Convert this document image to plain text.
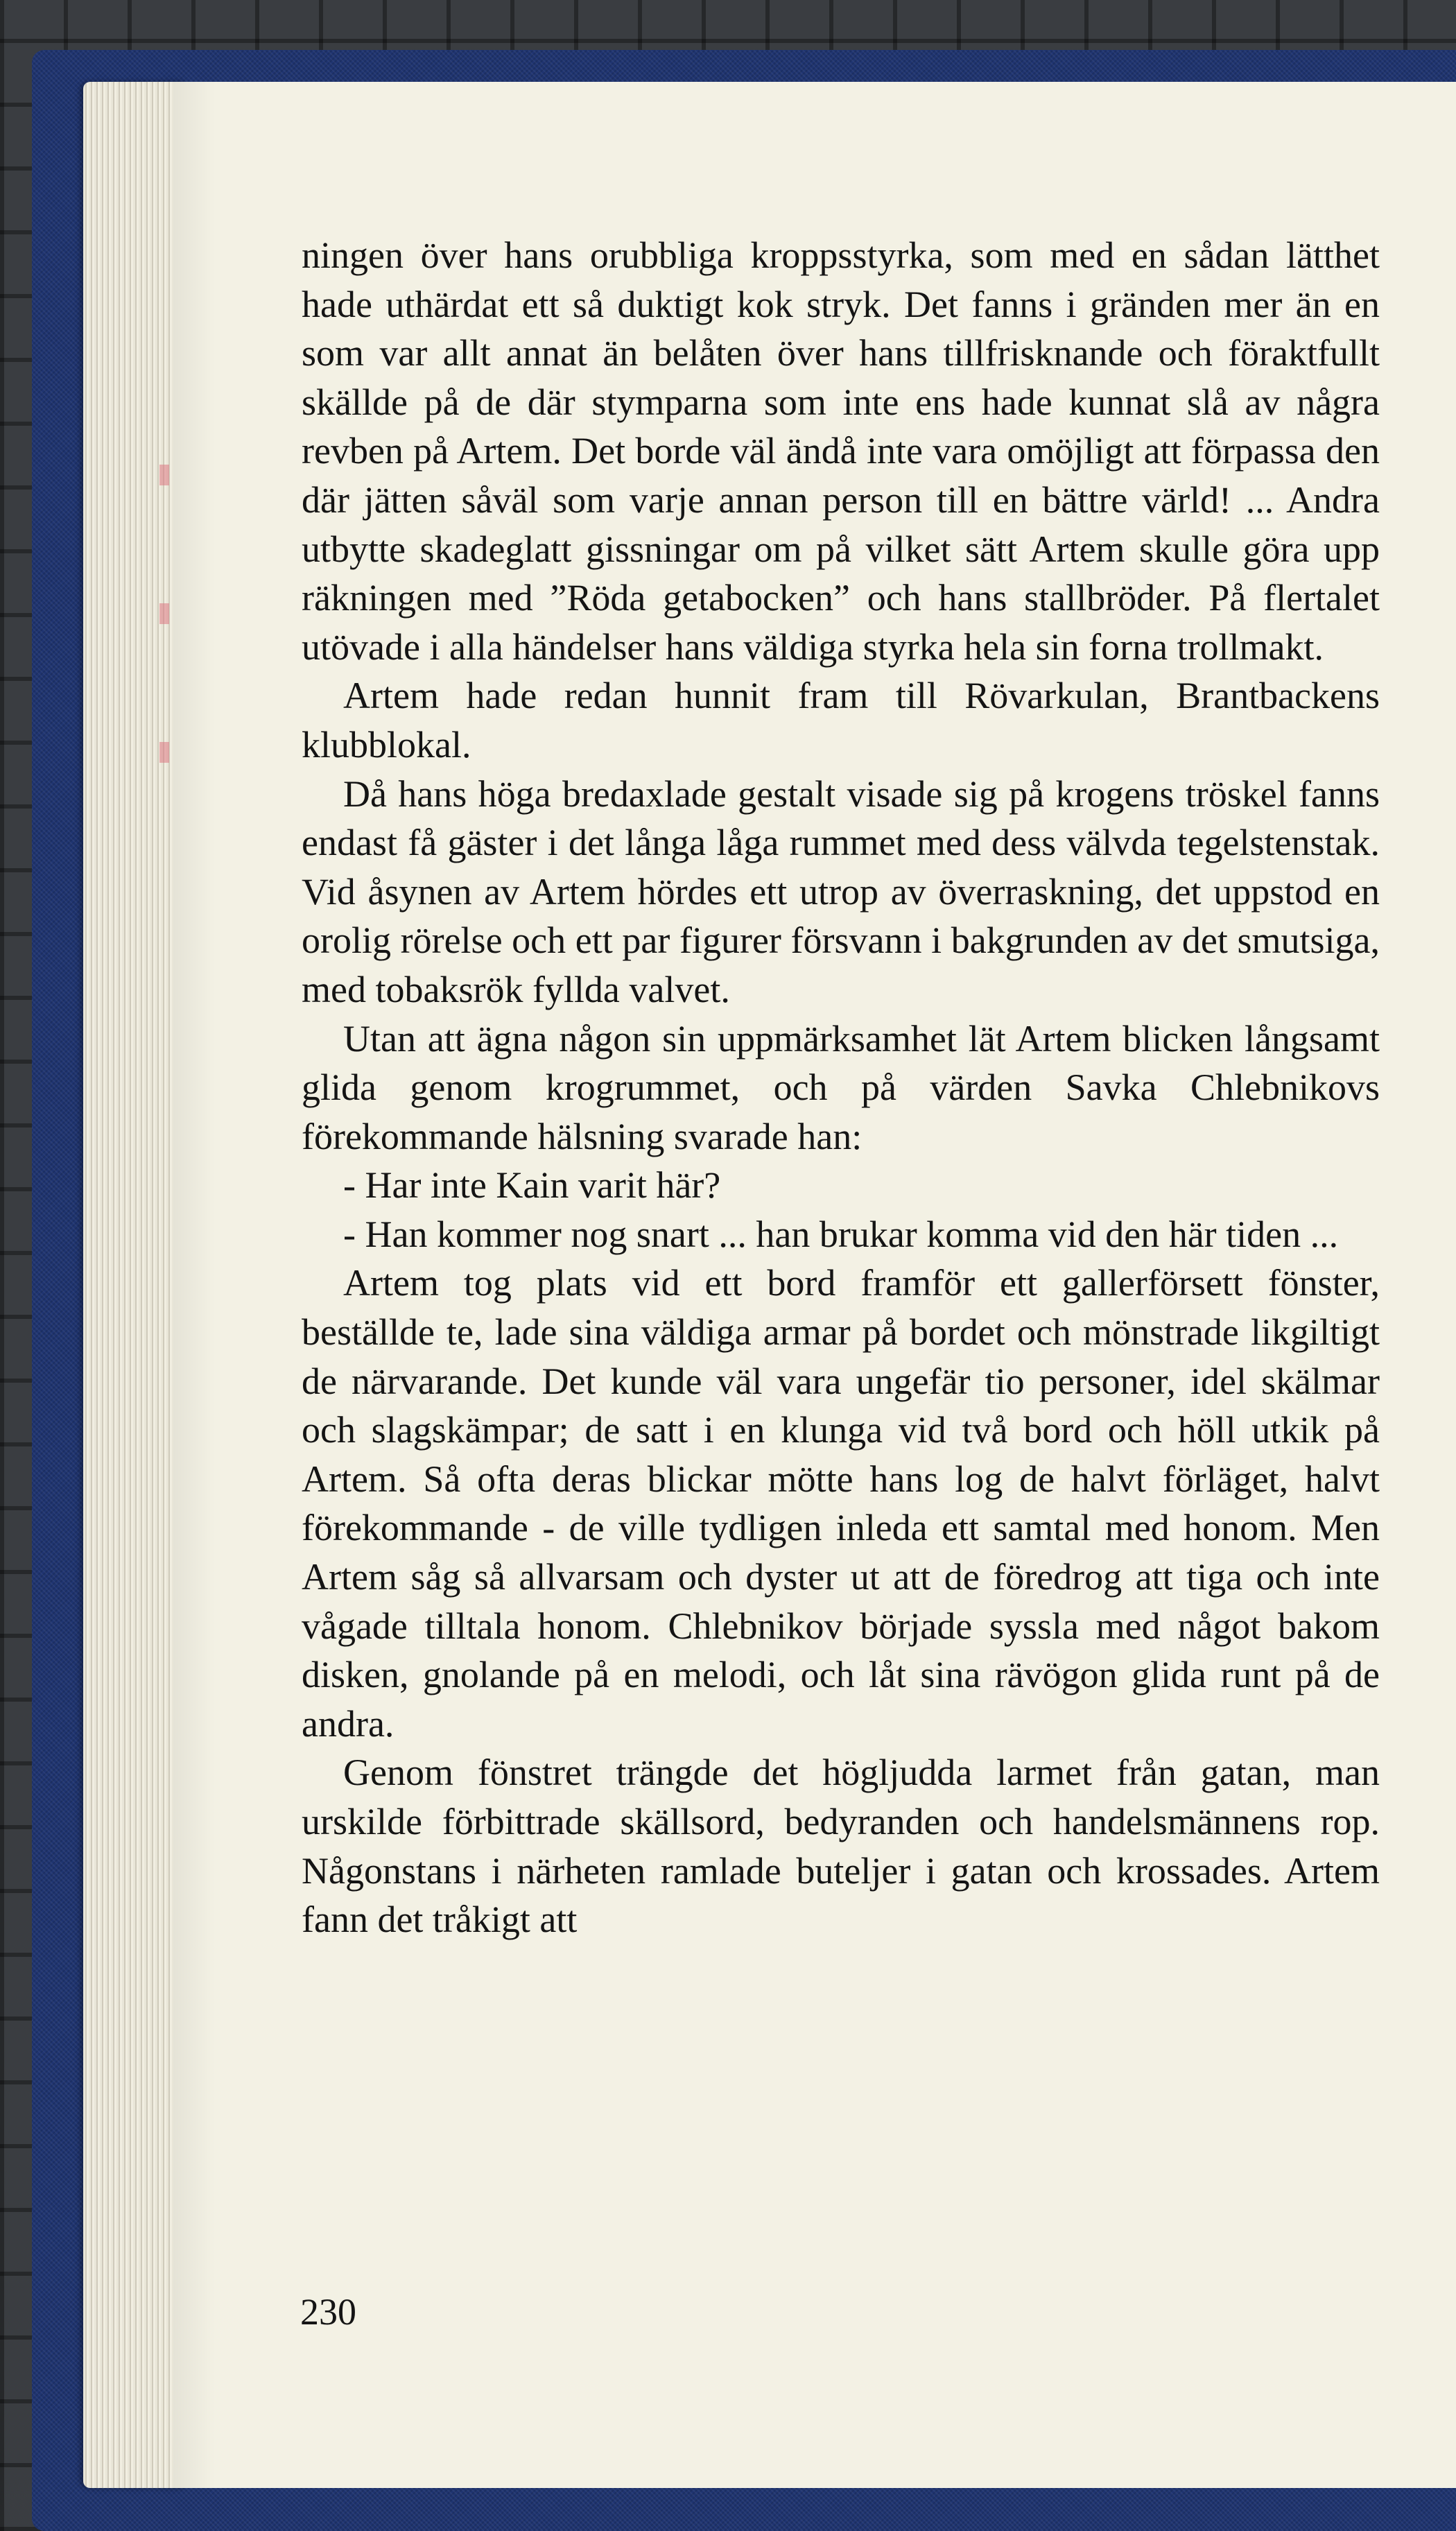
ningen över hans orubbliga kroppsstyrka, som med en sådan lätthet hade uthärdat ett så duktigt kok stryk. Det fanns i gränden mer än en som var allt annat än belåten över hans tillfrisknande och föraktfullt skällde på de där stymparna som inte ens hade kunnat slå av några revben på Artem. Det borde väl ändå inte vara omöjligt att förpassa den där jätten såväl som varje annan person till en bättre värld! ... Andra utbytte skadeglatt gissningar om på vilket sätt Artem skulle göra upp räkningen med ”Röda getabocken” och hans stallbröder. På flertalet utövade i alla händelser hans väldiga styrka hela sin forna trollmakt.

Artem hade redan hunnit fram till Rövarkulan, Brantbackens klubblokal.

Då hans höga bredaxlade gestalt visade sig på krogens tröskel fanns endast få gäster i det långa låga rummet med dess välvda tegelstenstak. Vid åsynen av Artem hördes ett utrop av överraskning, det uppstod en orolig rörelse och ett par figurer försvann i bakgrunden av det smutsiga, med tobaksrök fyllda valvet.

Utan att ägna någon sin uppmärksamhet lät Artem blicken långsamt glida genom krogrummet, och på värden Savka Chlebnikovs förekommande hälsning svarade han:

- Har inte Kain varit här?

- Han kommer nog snart ... han brukar komma vid den här tiden ...

Artem tog plats vid ett bord framför ett gallerförsett fönster, beställde te, lade sina väldiga armar på bordet och mönstrade likgiltigt de närvarande. Det kunde väl vara ungefär tio personer, idel skälmar och slagskämpar; de satt i en klunga vid två bord och höll utkik på Artem. Så ofta deras blickar mötte hans log de halvt förläget, halvt förekommande - de ville tydligen inleda ett samtal med honom. Men Artem såg så allvarsam och dyster ut att de föredrog att tiga och inte vågade tilltala honom. Chlebnikov började syssla med något bakom disken, gnolande på en melodi, och låt sina rävögon glida runt på de andra.

Genom fönstret trängde det högljudda larmet från gatan, man urskilde förbittrade skällsord, bedyranden och handelsmännens rop. Någonstans i närheten ramlade buteljer i gatan och krossades. Artem fann det tråkigt att

230
